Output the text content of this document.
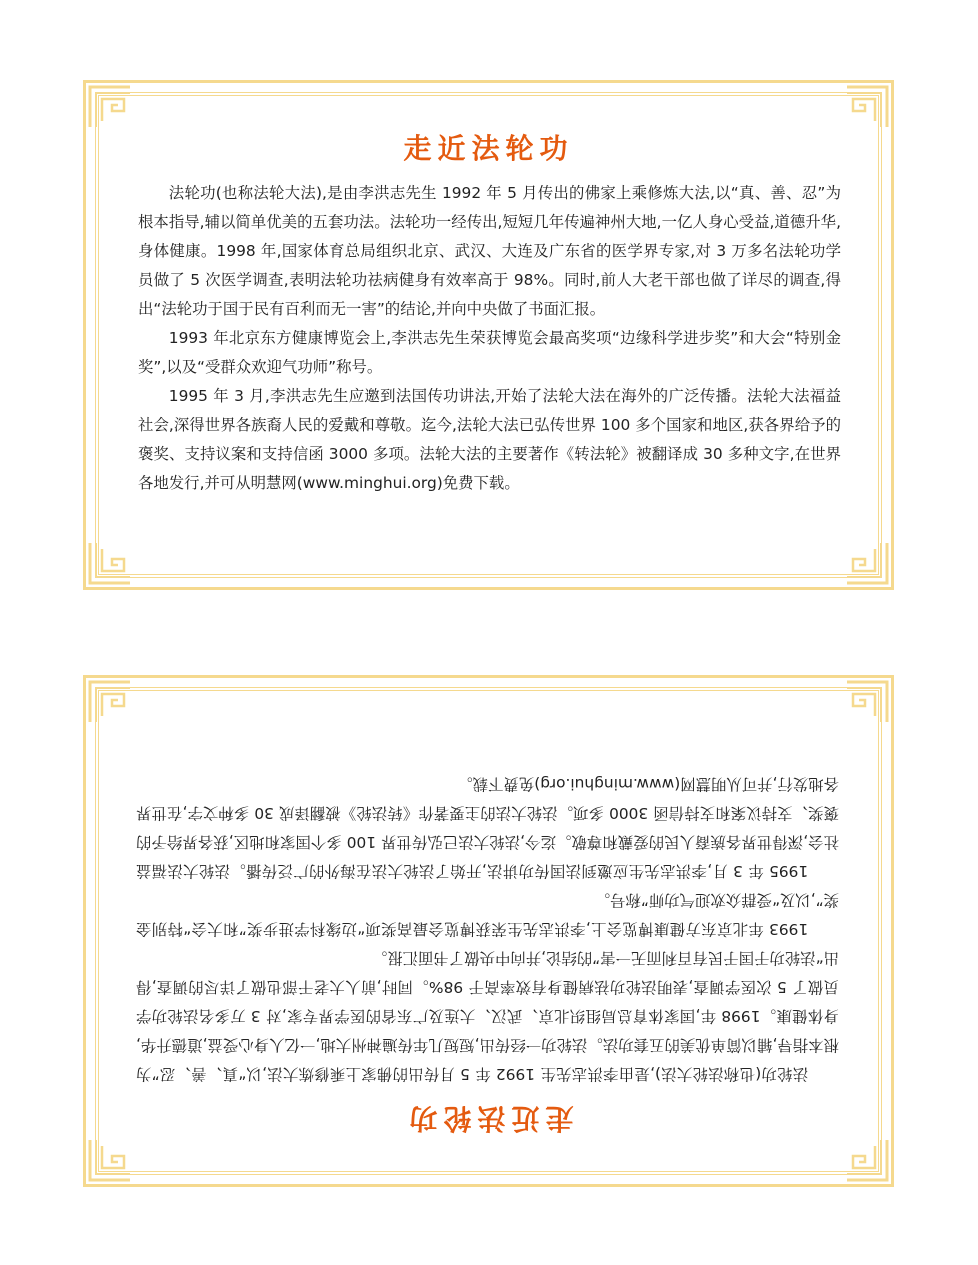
走近法轮功

法轮功(也称法轮大法),是由李洪志先生 1992 年 5 月传出的佛家上乘修炼大法,以“真、善、忍”为根本指导,辅以简单优美的五套功法。法轮功一经传出,短短几年传遍神州大地,一亿人身心受益,道德升华,身体健康。1998 年,国家体育总局组织北京、武汉、大连及广东省的医学界专家,对 3 万多名法轮功学员做了 5 次医学调查,表明法轮功祛病健身有效率高于 98%。同时,前人大老干部也做了详尽的调查,得出“法轮功于国于民有百利而无一害”的结论,并向中央做了书面汇报。

1993 年北京东方健康博览会上,李洪志先生荣获博览会最高奖项“边缘科学进步奖”和大会“特别金奖”,以及“受群众欢迎气功师”称号。

1995 年 3 月,李洪志先生应邀到法国传功讲法,开始了法轮大法在海外的广泛传播。法轮大法福益社会,深得世界各族裔人民的爱戴和尊敬。迄今,法轮大法已弘传世界 100 多个国家和地区,获各界给予的褒奖、支持议案和支持信函 3000 多项。法轮大法的主要著作《转法轮》被翻译成 30 多种文字,在世界各地发行,并可从明慧网(www.minghui.org)免费下载。

走近法轮功

法轮功(也称法轮大法),是由李洪志先生 1992 年 5 月传出的佛家上乘修炼大法,以“真、善、忍”为根本指导,辅以简单优美的五套功法。法轮功一经传出,短短几年传遍神州大地,一亿人身心受益,道德升华,身体健康。1998 年,国家体育总局组织北京、武汉、大连及广东省的医学界专家,对 3 万多名法轮功学员做了 5 次医学调查,表明法轮功祛病健身有效率高于 98%。同时,前人大老干部也做了详尽的调查,得出“法轮功于国于民有百利而无一害”的结论,并向中央做了书面汇报。

1993 年北京东方健康博览会上,李洪志先生荣获博览会最高奖项“边缘科学进步奖”和大会“特别金奖”,以及“受群众欢迎气功师”称号。

1995 年 3 月,李洪志先生应邀到法国传功讲法,开始了法轮大法在海外的广泛传播。法轮大法福益社会,深得世界各族裔人民的爱戴和尊敬。迄今,法轮大法已弘传世界 100 多个国家和地区,获各界给予的褒奖、支持议案和支持信函 3000 多项。法轮大法的主要著作《转法轮》被翻译成 30 多种文字,在世界各地发行,并可从明慧网(www.minghui.org)免费下载。
